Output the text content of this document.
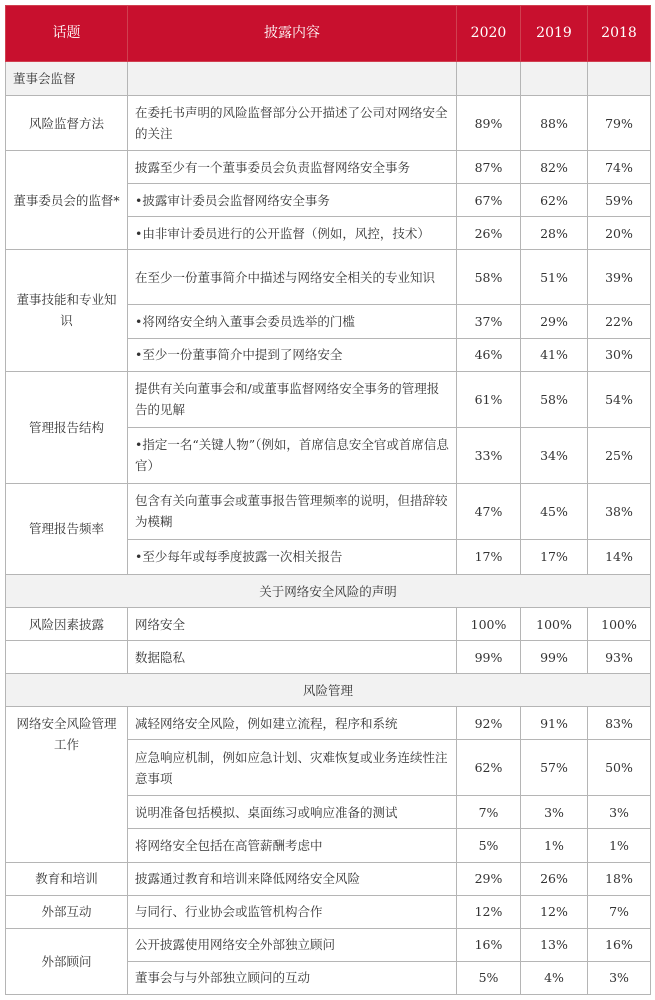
话题	披露内容	2020	2019	2018
董事会监督				
风险监督方法	在委托书声明的风险监督部分公开描述了公司对网络安全的关注	89%	88%	79%
董事委员会的监督*	披露至少有一个董事委员会负责监督网络安全事务	87%	82%	74%
	•披露审计委员会监督网络安全事务	67%	62%	59%
	•由非审计委员进行的公开监督（例如，风控，技术）	26%	28%	20%
董事技能和专业知识	在至少一份董事简介中描述与网络安全相关的专业知识	58%	51%	39%
	•将网络安全纳入董事会委员选举的门槛	37%	29%	22%
	•至少一份董事简介中提到了网络安全	46%	41%	30%
管理报告结构	提供有关向董事会和/或董事监督网络安全事务的管理报告的见解	61%	58%	54%
	•指定一名“关键人物”（例如，首席信息安全官或首席信息官）	33%	34%	25%
管理报告频率	包含有关向董事会或董事报告管理频率的说明，但措辞较为模糊	47%	45%	38%
	•至少每年或每季度披露一次相关报告	17%	17%	14%
关于网络安全风险的声明				
风险因素披露	网络安全	100%	100%	100%
	数据隐私	99%	99%	93%
风险管理				
网络安全风险管理工作	减轻网络安全风险，例如建立流程，程序和系统	92%	91%	83%
	应急响应机制，例如应急计划、灾难恢复或业务连续性注意事项	62%	57%	50%
	说明准备包括模拟、桌面练习或响应准备的测试	7%	3%	3%
	将网络安全包括在高管薪酬考虑中	5%	1%	1%
教育和培训	披露通过教育和培训来降低网络安全风险	29%	26%	18%
外部互动	与同行、行业协会或监管机构合作	12%	12%	7%
外部顾问	公开披露使用网络安全外部独立顾问	16%	13%	16%
	董事会与与外部独立顾问的互动	5%	4%	3%
